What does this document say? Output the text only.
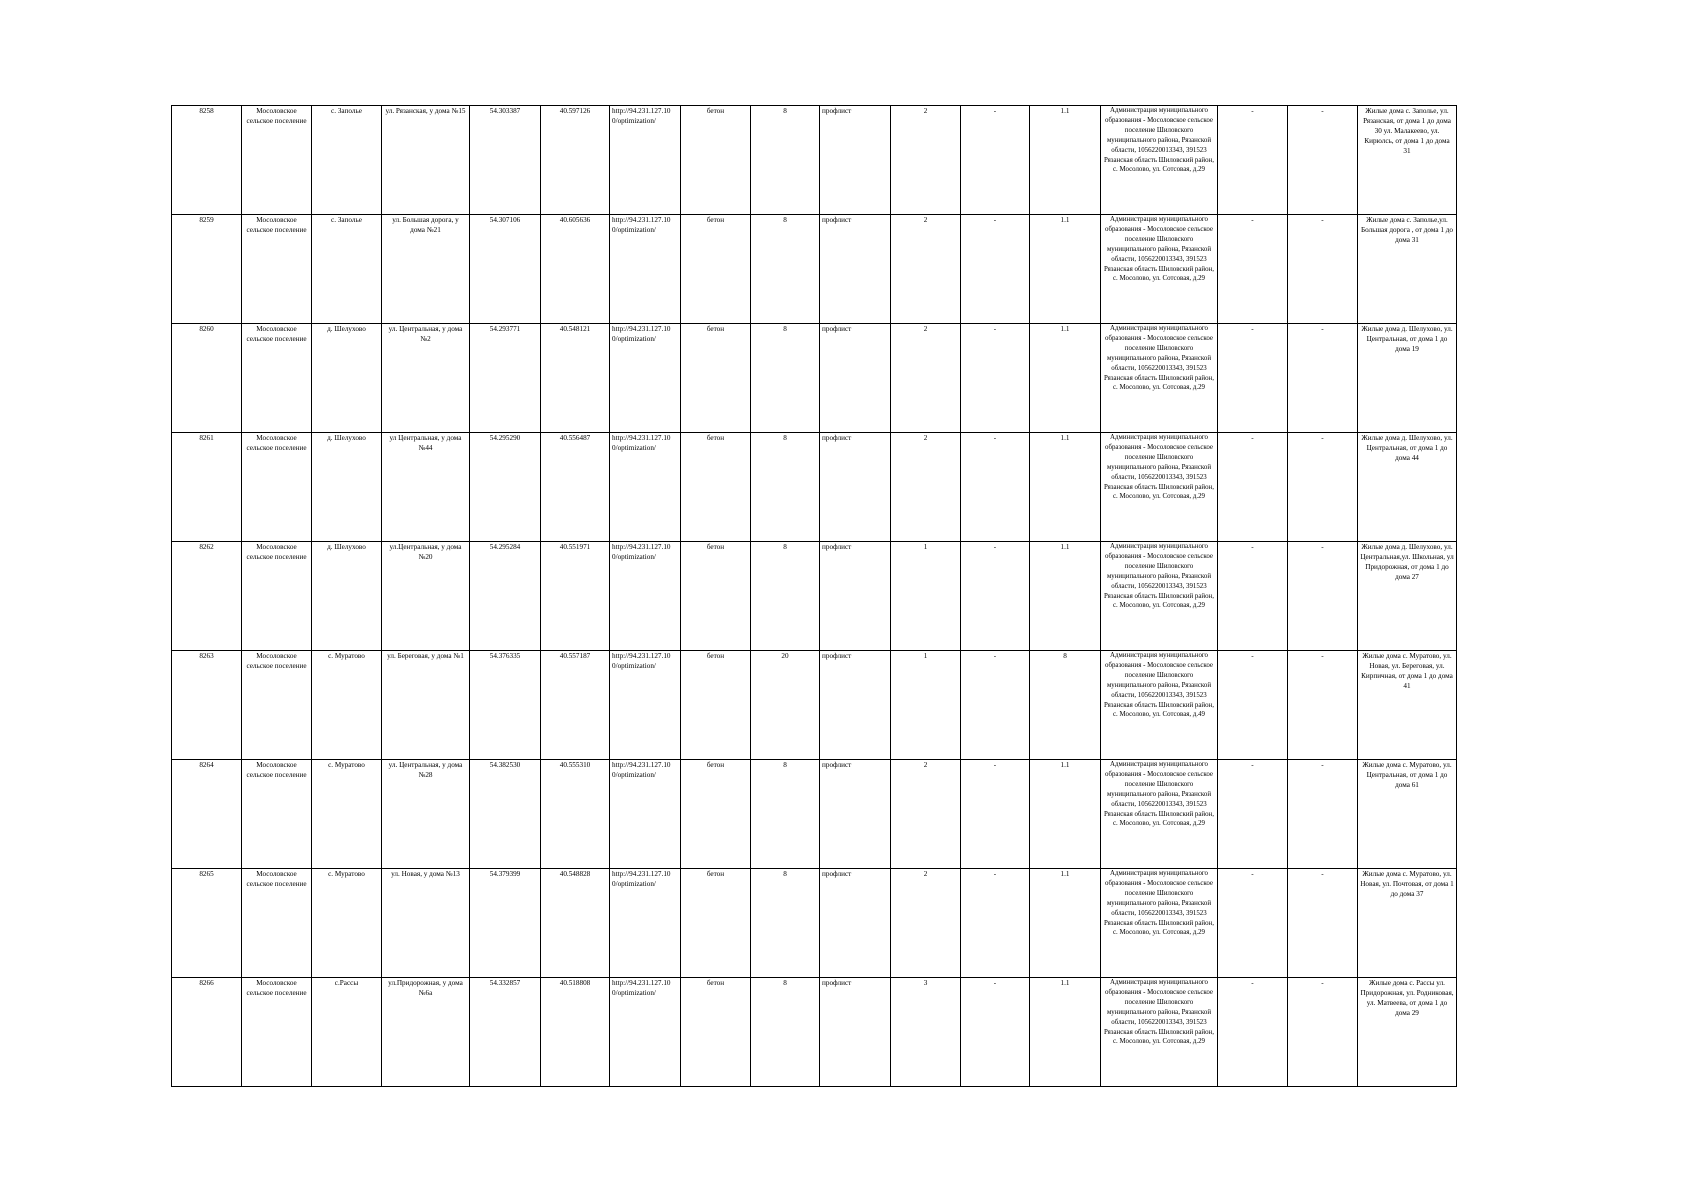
8258	Мосоловское сельское поселение	с. Заполье	ул. Рязанская, у дома №15	54.303387	40.597126	http://94.231.127.10 0/optimization/	бетон	8	профлист	2	-	1.1	Администрация муниципального образования - Мосоловское сельское поселение Шиловского муниципального района, Рязанской области, 1056220013343, 391523 Рязанская область Шиловский район, с. Мосолово, ул. Сотсовая, д.29	-	-	Жилые дома с. Заполье, ул. Рязанская, от дома 1 до дома 30 ул. Малакеево, ул. Кирюлсь, от дома 1 до дома 31
8259	Мосоловское сельское поселение	с. Заполье	ул. Большая дорога, у дома №21	54.307106	40.605636	http://94.231.127.10 0/optimization/	бетон	8	профлист	2	-	1.1	Администрация муниципального образования - Мосоловское сельское поселение Шиловского муниципального района, Рязанской области, 1056220013343, 391523 Рязанская область Шиловский район, с. Мосолово, ул. Сотсовая, д.29	-	-	Жилые дома с. Заполье,ул. Большая дорога , от дома 1 до дома 31
8260	Мосоловское сельское поселение	д. Шелухово	ул. Центральная, у дома №2	54.293771	40.548121	http://94.231.127.10 0/optimization/	бетон	8	профлист	2	-	1.1	Администрация муниципального образования - Мосоловское сельское поселение Шиловского муниципального района, Рязанской области, 1056220013343, 391523 Рязанская область Шиловский район, с. Мосолово, ул. Сотсовая, д.29	-	-	Жилые дома д. Шелухово, ул. Центральная, от дома 1 до дома 19
8261	Мосоловское сельское поселение	д. Шелухово	ул Центральная, у дома №44	54.295290	40.556487	http://94.231.127.10 0/optimization/	бетон	8	профлист	2	-	1.1	Администрация муниципального образования - Мосоловское сельское поселение Шиловского муниципального района, Рязанской области, 1056220013343, 391523 Рязанская область Шиловский район, с. Мосолово, ул. Сотсовая, д.29	-	-	Жилые дома д. Шелухово, ул. Центральная, от дома 1 до дома 44
8262	Мосоловское сельское поселение	д. Шелухово	ул.Центральная, у дома №20	54.295284	40.551971	http://94.231.127.10 0/optimization/	бетон	8	профлист	1	-	1.1	Администрация муниципального образования - Мосоловское сельское поселение Шиловского муниципального района, Рязанской области, 1056220013343, 391523 Рязанская область Шиловский район, с. Мосолово, ул. Сотсовая, д.29	-	-	Жилые дома д. Шелухово, ул. Центральная,ул. Школьная, ул Придорожная, от дома 1 до дома 27
8263	Мосоловское сельское поселение	с. Муратово	ул. Береговая, у дома №1	54.376335	40.557187	http://94.231.127.10 0/optimization/	бетон	20	профлист	1	-	8	Администрация муниципального образования - Мосоловское сельское поселение Шиловского муниципального района, Рязанской области, 1056220013343, 391523 Рязанская область Шиловский район, с. Мосолово, ул. Сотсовая, д.49	-	-	Жилые дома с. Муратово, ул. Новая, ул. Береговая, ул. Кирпичная, от дома 1 до дома 41
8264	Мосоловское сельское поселение	с. Муратово	ул. Центральная, у дома №28	54.382530	40.555310	http://94.231.127.10 0/optimization/	бетон	8	профлист	2	-	1.1	Администрация муниципального образования - Мосоловское сельское поселение Шиловского муниципального района, Рязанской области, 1056220013343, 391523 Рязанская область Шиловский район, с. Мосолово, ул. Сотсовая, д.29	-	-	Жилые дома с. Муратово, ул. Центральная, от дома 1 до дома 61
8265	Мосоловское сельское поселение	с. Муратово	ул. Новая, у дома №13	54.379399	40.548828	http://94.231.127.10 0/optimization/	бетон	8	профлист	2	-	1.1	Администрация муниципального образования - Мосоловское сельское поселение Шиловского муниципального района, Рязанской области, 1056220013343, 391523 Рязанская область Шиловский район, с. Мосолово, ул. Сотсовая, д.29	-	-	Жилые дома с. Муратово, ул. Новая, ул. Почтовая, от дома 1 до дома 37
8266	Мосоловское сельское поселение	с.Рассы	ул.Придорожная, у дома №6а	54.332857	40.518808	http://94.231.127.10 0/optimization/	бетон	8	профлист	3	-	1.1	Администрация муниципального образования - Мосоловское сельское поселение Шиловского муниципального района, Рязанской области, 1056220013343, 391523 Рязанская область Шиловский район, с. Мосолово, ул. Сотсовая, д.29	-	-	Жилые дома с. Рассы ул. Придорожная, ул. Родниковая, ул. Матвеева, от дома 1 до дома 29
